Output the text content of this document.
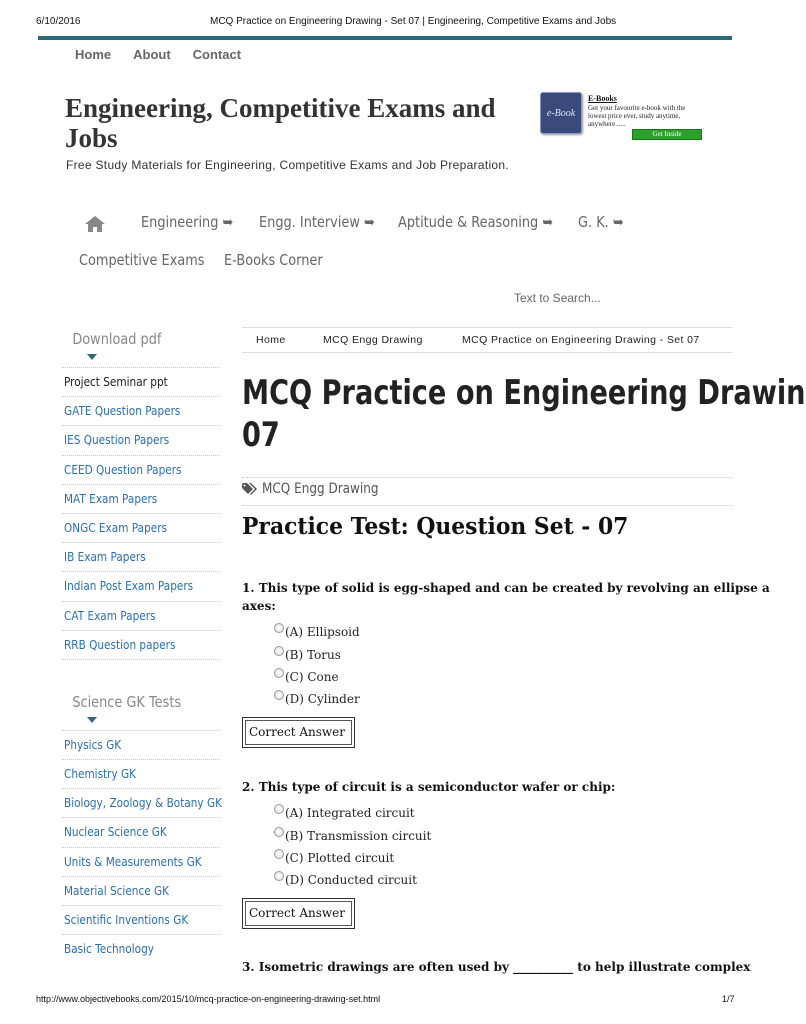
6/10/2016	MCQ Practice on Engineering Drawing - Set 07 | Engineering, Competitive Exams and Jobs
Home About Contact
Engineering, Competitive Exams and Jobs
Free Study Materials for Engineering, Competitive Exams and Job Preparation.
e-Book
E-Books
Get your favourite e-book with the lowest price ever, study anytime, anywhere......
Get Inside
Engineering ➥ Engg. Interview ➥ Aptitude & Reasoning ➥ G. K. ➥
Competitive Exams E-Books Corner
Text to Search...
Download pdf
Project Seminar ppt
GATE Question Papers
IES Question Papers
CEED Question Papers
MAT Exam Papers
ONGC Exam Papers
IB Exam Papers
Indian Post Exam Papers
CAT Exam Papers
RRB Question papers
Science GK Tests
Physics GK
Chemistry GK
Biology, Zoology & Botany GK
Nuclear Science GK
Units & Measurements GK
Material Science GK
Scientific Inventions GK
Basic Technology
Home	MCQ Engg Drawing	MCQ Practice on Engineering Drawing - Set 07
MCQ Practice on Engineering Drawin
07
MCQ Engg Drawing
Practice Test: Question Set - 07
1. This type of solid is egg-shaped and can be created by revolving an ellipse a
axes:
(A) Ellipsoid
(B) Torus
(C) Cone
(D) Cylinder
Correct Answer
2. This type of circuit is a semiconductor wafer or chip:
(A) Integrated circuit
(B) Transmission circuit
(C) Plotted circuit
(D) Conducted circuit
Correct Answer
3. Isometric drawings are often used by __________ to help illustrate complex
http://www.objectivebooks.com/2015/10/mcq-practice-on-engineering-drawing-set.html	1/7
